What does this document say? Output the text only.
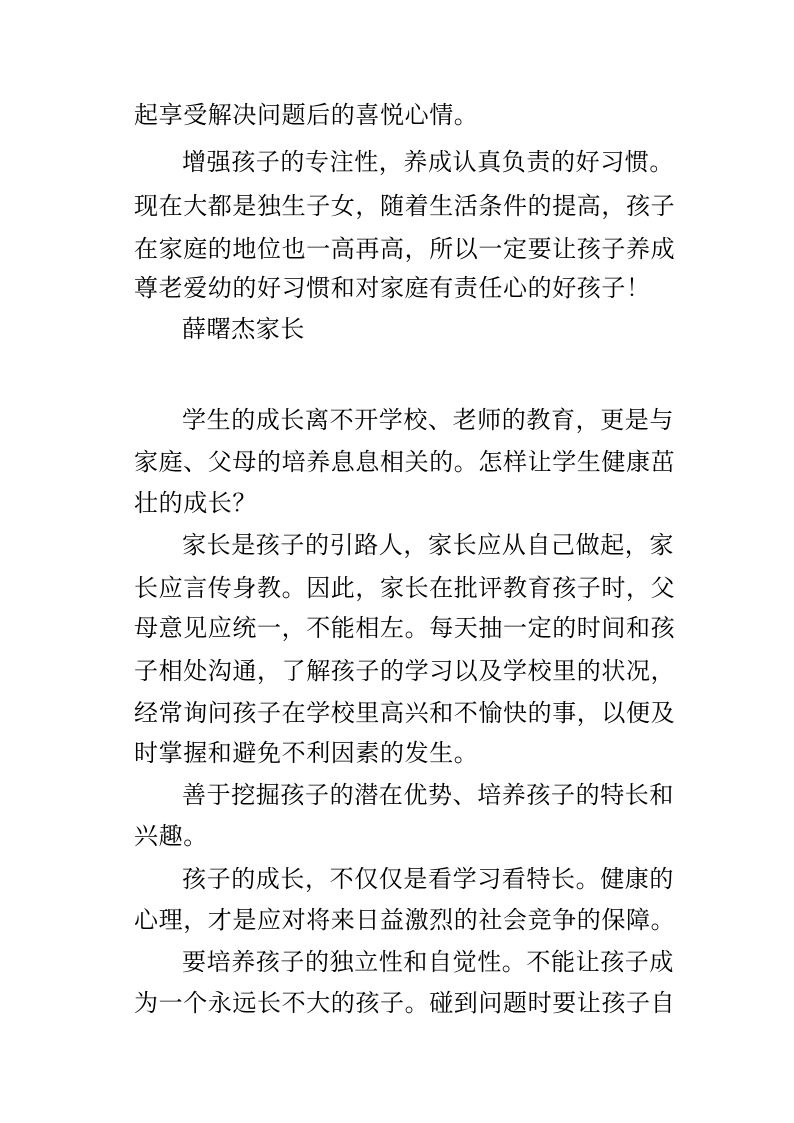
起享受解决问题后的喜悦心情。
增强孩子的专注性，养成认真负责的好习惯。
现在大都是独生子女，随着生活条件的提高，孩子
在家庭的地位也一高再高，所以一定要让孩子养成
尊老爱幼的好习惯和对家庭有责任心的好孩子！
薛曙杰家长
学生的成长离不开学校、老师的教育，更是与
家庭、父母的培养息息相关的。怎样让学生健康茁
壮的成长？
家长是孩子的引路人，家长应从自己做起，家
长应言传身教。因此，家长在批评教育孩子时，父
母意见应统一，不能相左。每天抽一定的时间和孩
子相处沟通，了解孩子的学习以及学校里的状况，
经常询问孩子在学校里高兴和不愉快的事，以便及
时掌握和避免不利因素的发生。
善于挖掘孩子的潜在优势、培养孩子的特长和
兴趣。
孩子的成长，不仅仅是看学习看特长。健康的
心理，才是应对将来日益激烈的社会竞争的保障。
要培养孩子的独立性和自觉性。不能让孩子成
为一个永远长不大的孩子。碰到问题时要让孩子自
